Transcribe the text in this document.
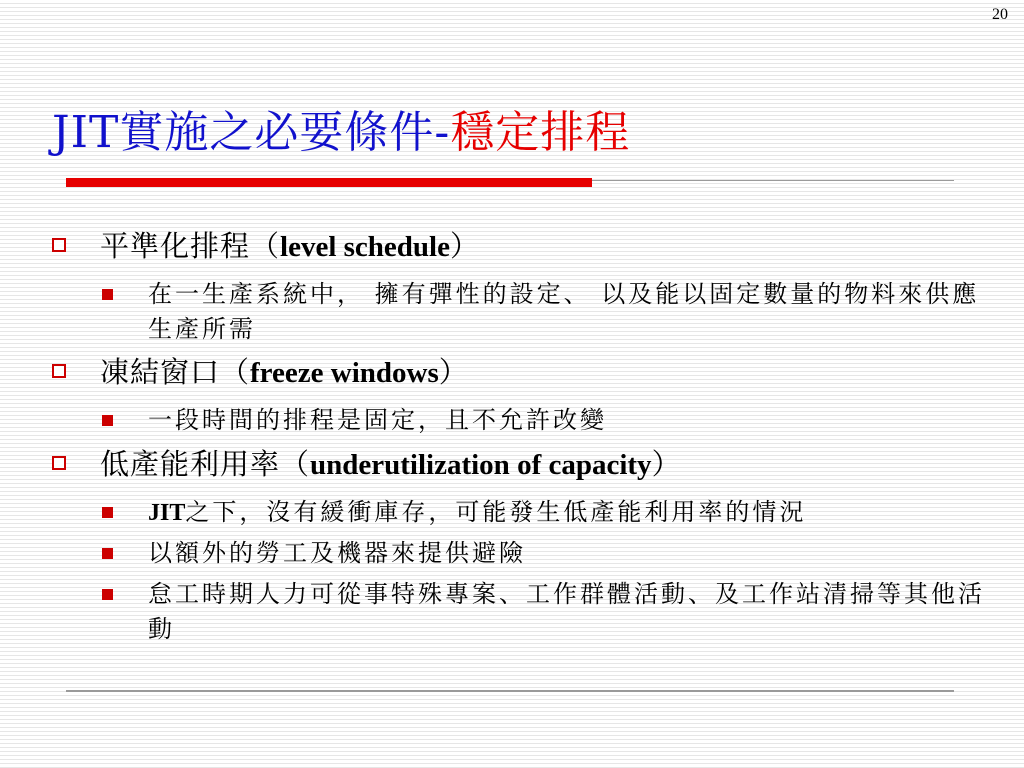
20
JIT實施之必要條件-穩定排程
平準化排程（level schedule）
在一生產系統中， 擁有彈性的設定、 以及能以固定數量的物料來供應生產所需
凍結窗口（freeze windows）
一段時間的排程是固定，且不允許改變
低產能利用率（underutilization of capacity）
JIT之下，沒有緩衝庫存，可能發生低產能利用率的情況
以額外的勞工及機器來提供避險
怠工時期人力可從事特殊專案、工作群體活動、及工作站清掃等其他活動
